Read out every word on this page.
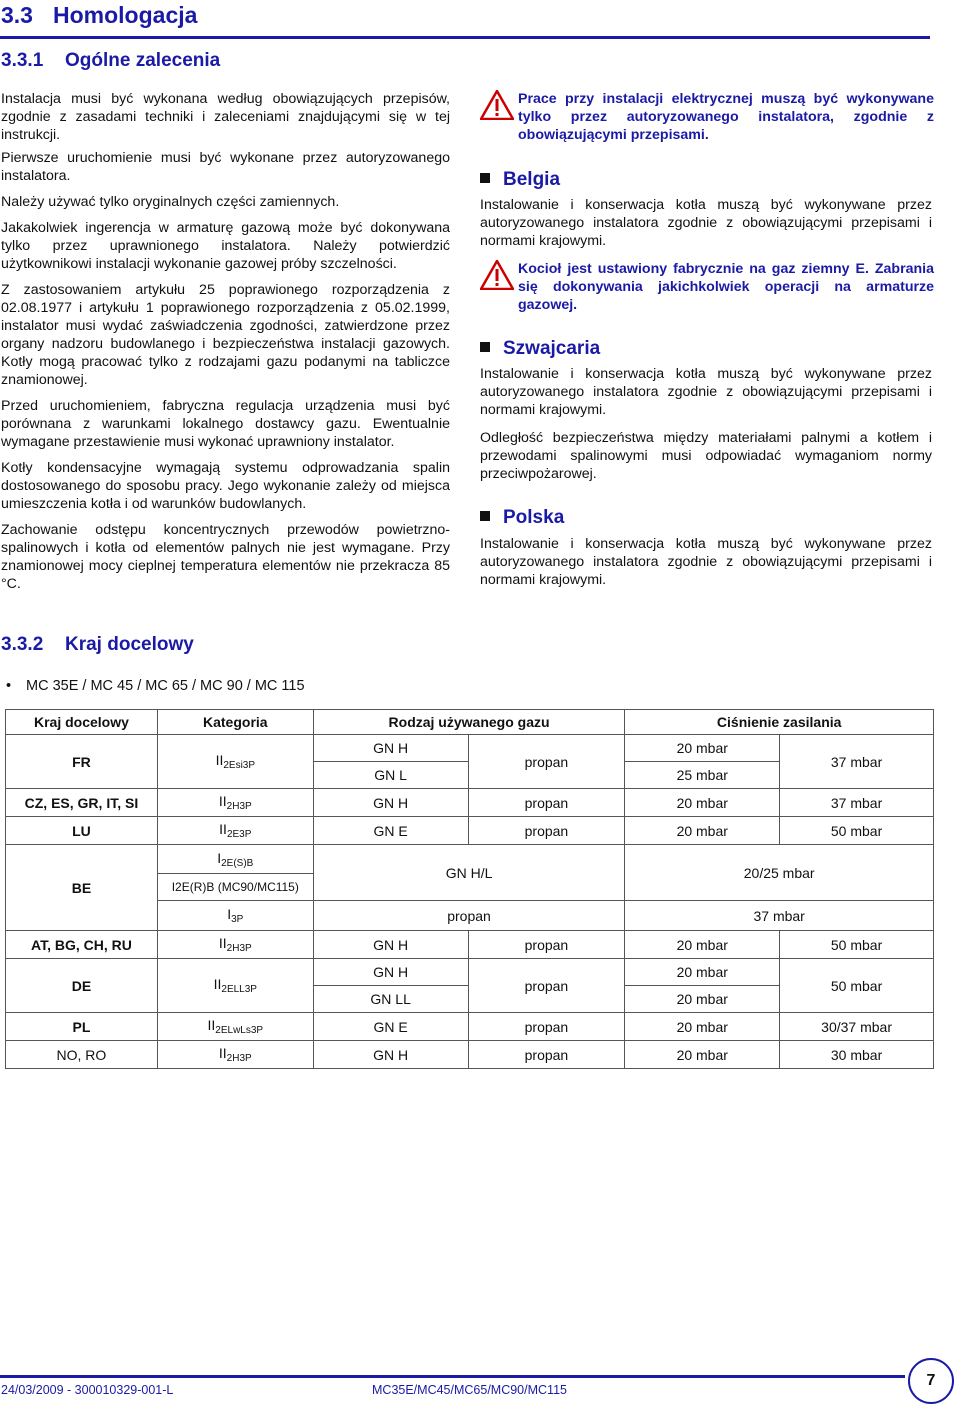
3.3 Homologacja
3.3.1 Ogólne zalecenia

Instalacja musi być wykonana według obowiązujących przepisów, zgodnie z zasadami techniki i zaleceniami znajdującymi się w tej instrukcji.

Pierwsze uruchomienie musi być wykonane przez autoryzowanego instalatora.

Należy używać tylko oryginalnych części zamiennych.

Jakakolwiek ingerencja w armaturę gazową może być dokonywana tylko przez uprawnionego instalatora. Należy potwierdzić użytkownikowi instalacji wykonanie gazowej próby szczelności.

Z zastosowaniem artykułu 25 poprawionego rozporządzenia z 02.08.1977 i artykułu 1 poprawionego rozporządzenia z 05.02.1999, instalator musi wydać zaświadczenia zgodności, zatwierdzone przez organy nadzoru budowlanego i bezpieczeństwa instalacji gazowych. Kotły mogą pracować tylko z rodzajami gazu podanymi na tabliczce znamionowej.

Przed uruchomieniem, fabryczna regulacja urządzenia musi być porównana z warunkami lokalnego dostawcy gazu. Ewentualnie wymagane przestawienie musi wykonać uprawniony instalator.

Kotły kondensacyjne wymagają systemu odprowadzania spalin dostosowanego do sposobu pracy. Jego wykonanie zależy od miejsca umieszczenia kotła i od warunków budowlanych.

Zachowanie odstępu koncentrycznych przewodów powietrzno-spalinowych i kotła od elementów palnych nie jest wymagane. Przy znamionowej mocy cieplnej temperatura elementów nie przekracza 85 °C.

Prace przy instalacji elektrycznej muszą być wykonywane tylko przez autoryzowanego instalatora, zgodnie z obowiązującymi przepisami.
Belgia

Instalowanie i konserwacja kotła muszą być wykonywane przez autoryzowanego instalatora zgodnie z obowiązującymi przepisami i normami krajowymi.

Kocioł jest ustawiony fabrycznie na gaz ziemny E. Zabrania się dokonywania jakichkolwiek operacji na armaturze gazowej.
Szwajcaria

Instalowanie i konserwacja kotła muszą być wykonywane przez autoryzowanego instalatora zgodnie z obowiązującymi przepisami i normami krajowymi.

Odległość bezpieczeństwa między materiałami palnymi a kotłem i przewodami spalinowymi musi odpowiadać wymaganiom normy przeciwpożarowej.

Polska

Instalowanie i konserwacja kotła muszą być wykonywane przez autoryzowanego instalatora zgodnie z obowiązującymi przepisami i normami krajowymi.

3.3.2 Kraj docelowy
• MC 35E / MC 45 / MC 65 / MC 90 / MC 115
Kraj docelowy	Kategoria	Rodzaj używanego gazu		Ciśnienie zasilania	
FR	$II_{2Esi3P}$	GN H	propan	20 mbar	37 mbar
		GN L		25 mbar	
CZ, ES, GR, IT, SI	$II_{2H3P}$	GN H	propan	20 mbar	37 mbar
LU	$II_{2E3P}$	GN E	propan	20 mbar	50 mbar
BE	$I_{2E(S)B}$	GN H/L		20/25 mbar	
	I2E(R)B (MC90/MC115)				
	$I_{3P}$	propan		37 mbar	
AT, BG, CH, RU	$II_{2H3P}$	GN H	propan	20 mbar	50 mbar
DE	$II_{2ELL3P}$	GN H	propan	20 mbar	50 mbar
		GN LL		20 mbar	
PL	$II_{2ELwLs3P}$	GN E	propan	20 mbar	30/37 mbar
NO, RO	$II_{2H3P}$	GN H	propan	20 mbar	30 mbar
24/03/2009 - 300010329-001-L	MC35E/MC45/MC65/MC90/MC115
7
